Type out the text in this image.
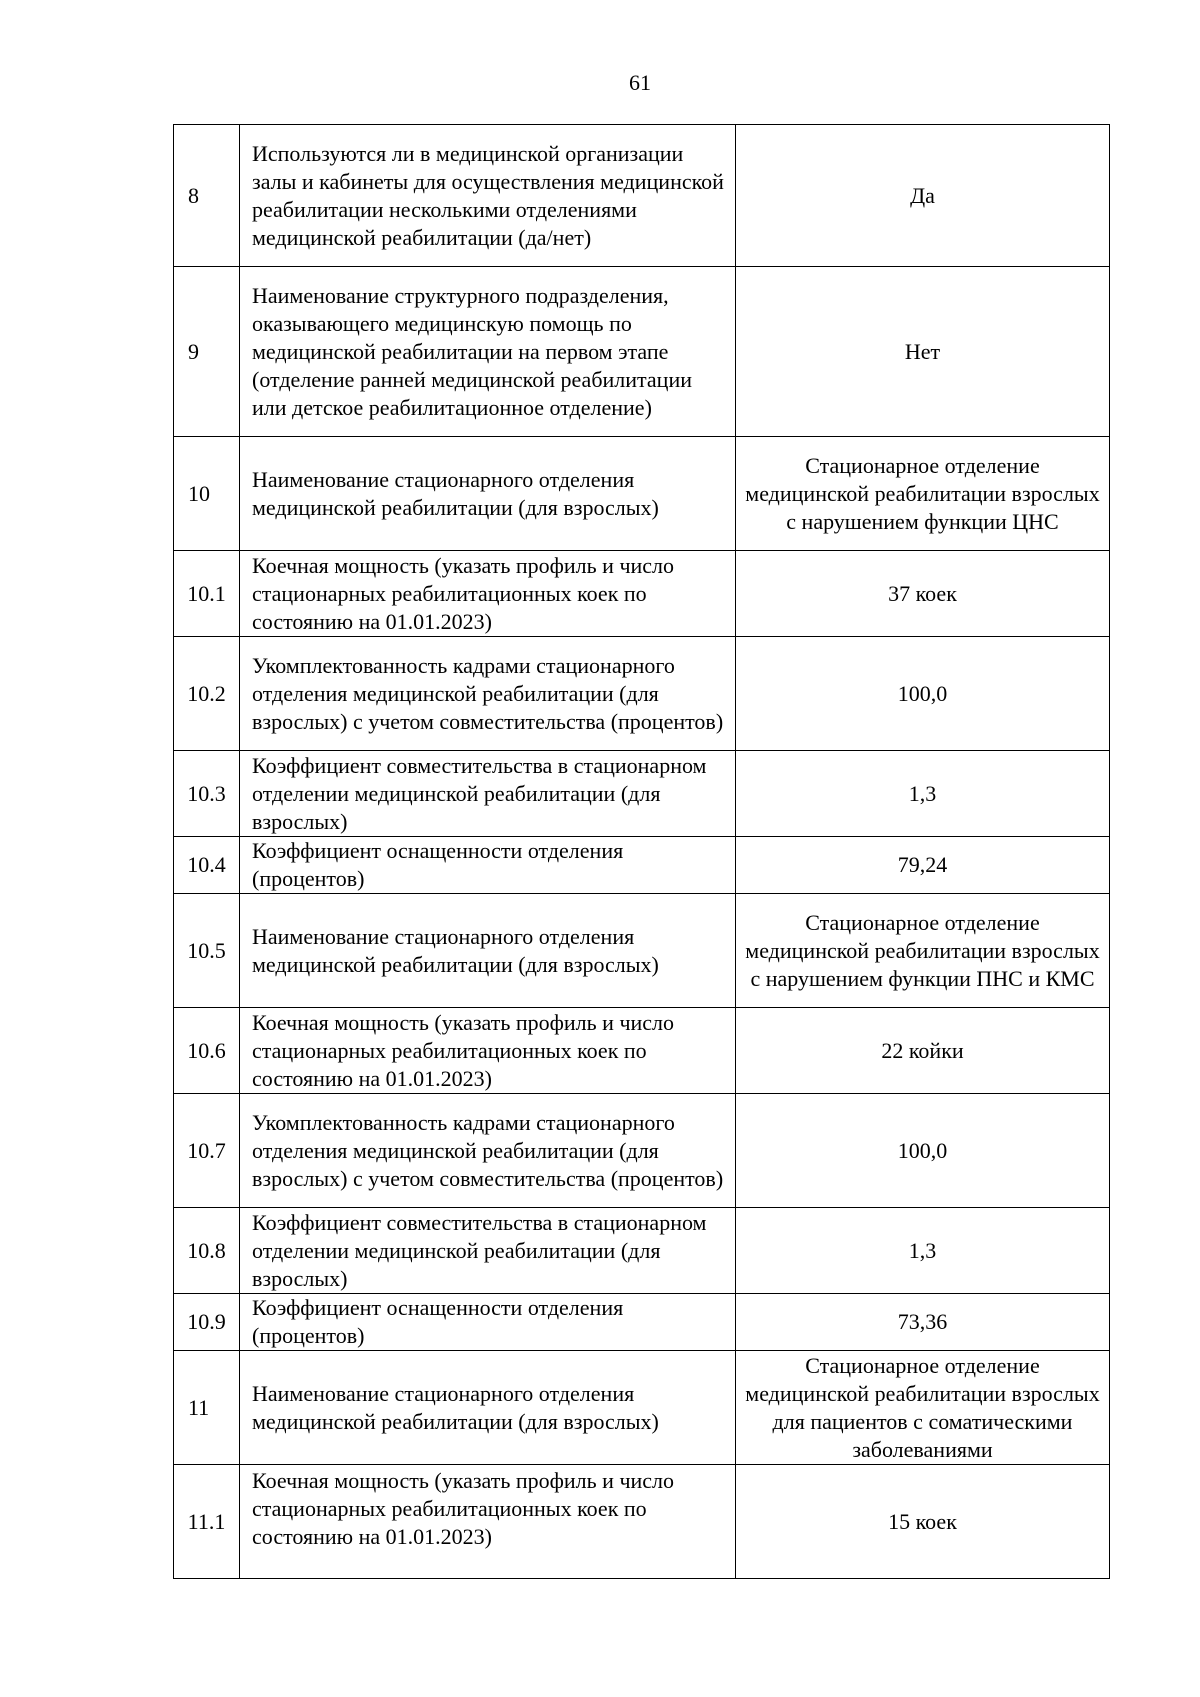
61
8	Используются ли в медицинской организации залы и кабинеты для осуществления медицинской реабилитации несколькими отделениями медицинской реабилитации (да/нет)	Да
9	Наименование структурного подразделения, оказывающего медицинскую помощь по медицинской реабилитации на первом этапе (отделение ранней медицинской реабилитации или детское реабилитационное отделение)	Нет
10	Наименование стационарного отделения медицинской реабилитации (для взрослых)	Стационарное отделение медицинской реабилитации взрослых с нарушением функции ЦНС
10.1	Коечная мощность (указать профиль и число стационарных реабилитационных коек по состоянию на 01.01.2023)	37 коек
10.2	Укомплектованность кадрами стационарного отделения медицинской реабилитации (для взрослых) с учетом совместительства (процентов)	100,0
10.3	Коэффициент совместительства в стационарном отделении медицинской реабилитации (для взрослых)	1,3
10.4	Коэффициент оснащенности отделения (процентов)	79,24
10.5	Наименование стационарного отделения медицинской реабилитации (для взрослых)	Стационарное отделение медицинской реабилитации взрослых с нарушением функции ПНС и КМС
10.6	Коечная мощность (указать профиль и число стационарных реабилитационных коек по состоянию на 01.01.2023)	22 койки
10.7	Укомплектованность кадрами стационарного отделения медицинской реабилитации (для взрослых) с учетом совместительства (процентов)	100,0
10.8	Коэффициент совместительства в стационарном отделении медицинской реабилитации (для взрослых)	1,3
10.9	Коэффициент оснащенности отделения (процентов)	73,36
11	Наименование стационарного отделения медицинской реабилитации (для взрослых)	Стационарное отделение медицинской реабилитации взрослых для пациентов с соматическими заболеваниями
11.1	Коечная мощность (указать профиль и число стационарных реабилитационных коек по состоянию на 01.01.2023)	15 коек
